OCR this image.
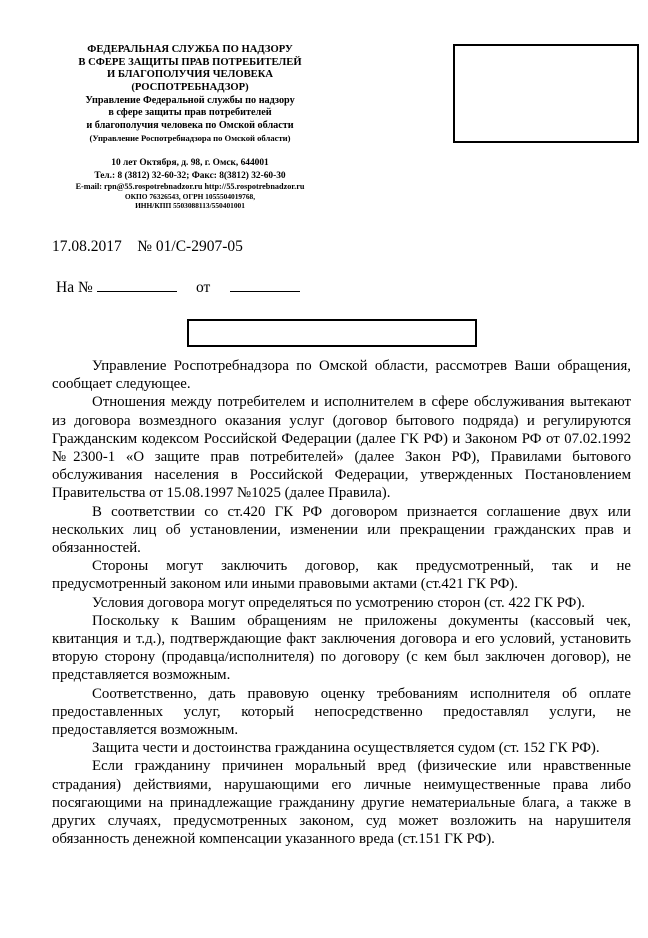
ФЕДЕРАЛЬНАЯ СЛУЖБА ПО НАДЗОРУ
В СФЕРЕ ЗАЩИТЫ ПРАВ ПОТРЕБИТЕЛЕЙ
И БЛАГОПОЛУЧИЯ ЧЕЛОВЕКА
(РОСПОТРЕБНАДЗОР)
Управление Федеральной службы по надзору
в сфере защиты прав потребителей
и благополучия человека по Омской области
(Управление Роспотребнадзора по Омской области)
10 лет Октября, д. 98, г. Омск, 644001
Тел.: 8 (3812) 32-60-32; Факс: 8(3812) 32-60-30
E-mail: rpn@55.rospotrebnadzor.ru http://55.rospotrebnadzor.ru
ОКПО 76326543, ОГРН 1055504019768,
ИНН/КПП 5503088113/550401001
17.08.2017    № 01/С-2907-05
На №	от

Управление Роспотребнадзора по Омской области, рассмотрев Ваши обращения, сообщает следующее.

Отношения между потребителем и исполнителем в сфере обслуживания вытекают из договора возмездного оказания услуг (договор бытового подряда) и регулируются Гражданским кодексом Российской Федерации (далее ГК РФ) и Законом РФ от 07.02.1992 №2300-1 «О защите прав потребителей» (далее Закон РФ), Правилами бытового обслуживания населения в Российской Федерации, утвержденных Постановлением Правительства от 15.08.1997 №1025 (далее Правила).

В соответствии со ст.420 ГК РФ договором признается соглашение двух или нескольких лиц об установлении, изменении или прекращении гражданских прав и обязанностей.

Стороны могут заключить договор, как предусмотренный, так и не предусмотренный законом или иными правовыми актами (ст.421 ГК РФ).

Условия договора могут определяться по усмотрению сторон (ст. 422 ГК РФ).

Поскольку к Вашим обращениям не приложены документы (кассовый чек, квитанция и т.д.), подтверждающие факт заключения договора и его условий, установить вторую сторону (продавца/исполнителя) по договору (с кем был заключен договор), не представляется возможным.

Соответственно, дать правовую оценку требованиям исполнителя об оплате предоставленных услуг, который непосредственно предоставлял услуги, не предоставляется возможным.

Защита чести и достоинства гражданина осуществляется судом (ст. 152 ГК РФ).

Если гражданину причинен моральный вред (физические или нравственные страдания) действиями, нарушающими его личные неимущественные права либо посягающими на принадлежащие гражданину другие нематериальные блага, а также в других случаях, предусмотренных законом, суд может возложить на нарушителя обязанность денежной компенсации указанного вреда (ст.151 ГК РФ).
